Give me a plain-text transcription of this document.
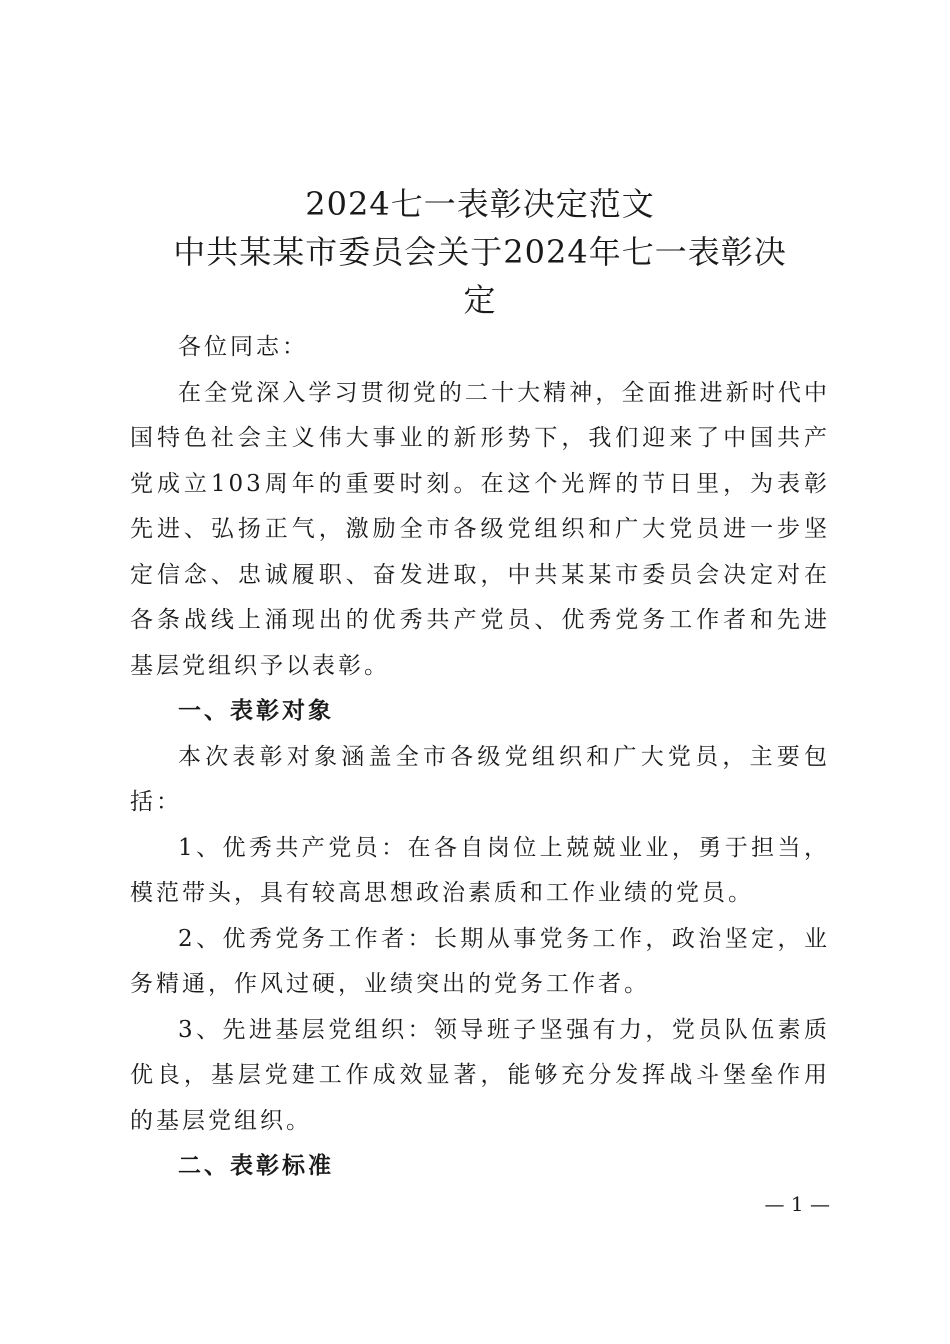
2024七一表彰决定范文
中共某某市委员会关于2024年七一表彰决
定

各位同志：

在全党深入学习贯彻党的二十大精神，全面推进新时代中国特色社会主义伟大事业的新形势下，我们迎来了中国共产党成立103周年的重要时刻。在这个光辉的节日里，为表彰先进、弘扬正气，激励全市各级党组织和广大党员进一步坚定信念、忠诚履职、奋发进取，中共某某市委员会决定对在各条战线上涌现出的优秀共产党员、优秀党务工作者和先进基层党组织予以表彰。

一、表彰对象

本次表彰对象涵盖全市各级党组织和广大党员，主要包括：

1、优秀共产党员：在各自岗位上兢兢业业，勇于担当，模范带头，具有较高思想政治素质和工作业绩的党员。

2、优秀党务工作者：长期从事党务工作，政治坚定，业务精通，作风过硬，业绩突出的党务工作者。

3、先进基层党组织：领导班子坚强有力，党员队伍素质优良，基层党建工作成效显著，能够充分发挥战斗堡垒作用的基层党组织。

二、表彰标准

— 1 —
